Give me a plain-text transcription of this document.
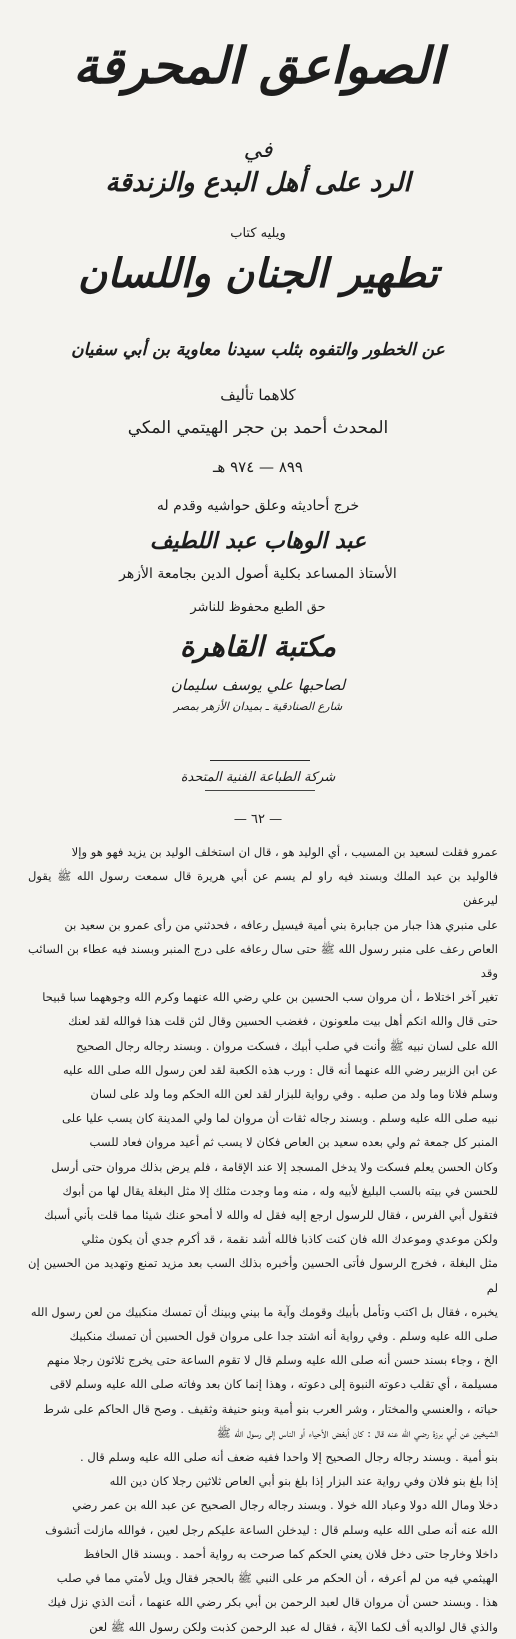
الصواعق المحرقة
في
الرد على أهل البدع والزندقة
ويليه كتاب
تطهير الجنان واللسان
عن الخطور والتفوه بثلب سيدنا معاوية بن أبي سفيان
كلاهما تأليف
المحدث أحمد بن حجر الهيتمي المكي
٨٩٩ — ٩٧٤ هـ
خرج أحاديثه وعلق حواشيه وقدم له
عبد الوهاب عبد اللطيف
الأستاذ المساعد بكلية أصول الدين بجامعة الأزهر
حق الطبع محفوظ للناشر
مكتبة القاهرة
لصاحبها علي يوسف سليمان
شارع الصنادقية ـ بميدان الأزهر بمصر
شركة الطباعة الفنية المتحدة
— ٦٢ —

عمرو فقلت لسعيد بن المسيب ، أي الوليد هو ، قال ان استخلف الوليد بن يزيد فهو هو وإلا

فالوليد بن عبد الملك وبسند فيه راو لم يسم عن أبي هريرة قال سمعت رسول الله ﷺ يقول ليرعفن

على منبري هذا جبار من جبابرة بني أمية فيسيل رعافه ، فحدثني من رأى عمرو بن سعيد بن

العاص رعف على منبر رسول الله ﷺ حتى سال رعافه على درج المنبر وبسند فيه عطاء بن السائب وقد

تغير آخر اختلاط ، أن مروان سب الحسين بن علي رضي الله عنهما وكرم الله وجوههما سبا قبيحا

حتى قال والله انكم أهل بيت ملعونون ، فغضب الحسين وقال لئن قلت هذا فوالله لقد لعنك

الله على لسان نبيه ﷺ وأنت في صلب أبيك ، فسكت مروان . وبسند رجاله رجال الصحيح

عن ابن الزبير رضي الله عنهما أنه قال : ورب هذه الكعبة لقد لعن رسول الله صلى الله عليه

وسلم فلانا وما ولد من صلبه . وفي رواية للبزار لقد لعن الله الحكم وما ولد على لسان

نبيه صلى الله عليه وسلم . وبسند رجاله ثقات أن مروان لما ولي المدينة كان يسب عليا على

المنبر كل جمعة ثم ولي بعده سعيد بن العاص فكان لا يسب ثم أعيد مروان فعاد للسب

وكان الحسن يعلم فسكت ولا يدخل المسجد إلا عند الإقامة ، فلم يرض بذلك مروان حتى أرسل

للحسن في بيته بالسب البليغ لأبيه وله ، منه وما وجدت مثلك إلا مثل البغلة يقال لها من أبوك

فتقول أبي الفرس ، فقال للرسول ارجع إليه فقل له والله لا أمحو عنك شيئا مما قلت بأني أسبك

ولكن موعدي وموعدك الله فان كنت كاذبا فالله أشد نقمة ، قد أكرم جدي أن يكون مثلي

مثل البغلة ، فخرج الرسول فأتى الحسين وأخبره بذلك السب بعد مزيد تمنع وتهديد من الحسين إن لم

يخبره ، فقال بل اكتب وتأمل بأبيك وقومك وآية ما بيني وبينك أن تمسك منكبيك من لعن رسول الله

صلى الله عليه وسلم . وفي رواية أنه اشتد جدا على مروان قول الحسين أن تمسك منكبيك

الخ ، وجاء بسند حسن أنه صلى الله عليه وسلم قال لا تقوم الساعة حتى يخرج ثلاثون رجلا منهم

مسيلمة ، أي تقلب دعوته النبوة إلى دعوته ، وهذا إنما كان بعد وفاته صلى الله عليه وسلم لاقى

حياته ، والعنسي والمختار ، وشر العرب بنو أمية وبنو حنيفة وثقيف . وصح قال الحاكم على شرط

الشيخين عن أبي برزة رضي الله عنه قال : كان أبغض الأحياء أو الناس إلى رسول الله ﷺ

بنو أمية . وبسند رجاله رجال الصحيح إلا واحدا ففيه ضعف أنه صلى الله عليه وسلم قال .

إذا بلغ بنو فلان وفي رواية عند البزار إذا بلغ بنو أبي العاص ثلاثين رجلا كان دين الله

دخلا ومال الله دولا وعباد الله خولا . وبسند رجاله رجال الصحيح عن عبد الله بن عمر رضي

الله عنه أنه صلى الله عليه وسلم قال : ليدخلن الساعة عليكم رجل لعين ، فوالله مازلت أتشوف

داخلا وخارجا حتى دخل فلان يعني الحكم كما صرحت به رواية أحمد . وبسند قال الحافظ

الهيثمي فيه من لم أعرفه ، أن الحكم مر على النبي ﷺ بالحجر فقال ويل لأمتي مما في صلب

هذا . وبسند حسن أن مروان قال لعبد الرحمن بن أبي بكر رضي الله عنهما ، أنت الذي نزل فيك

والذي قال لوالديه أف لكما الآية ، فقال له عبد الرحمن كذبت ولكن رسول الله ﷺ لعن
